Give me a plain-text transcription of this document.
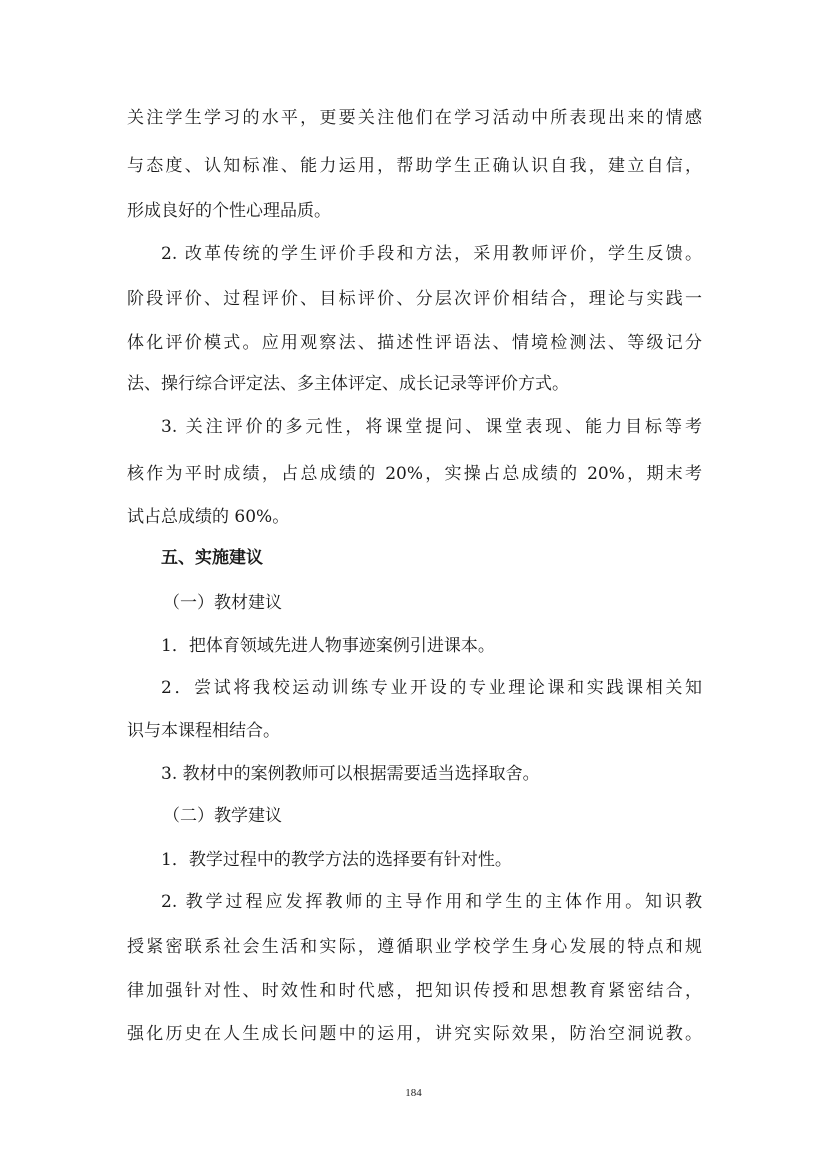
关注学生学习的水平，更要关注他们在学习活动中所表现出来的情感
与态度、认知标准、能力运用，帮助学生正确认识自我，建立自信，
形成良好的个性心理品质。
2. 改革传统的学生评价手段和方法，采用教师评价，学生反馈。
阶段评价、过程评价、目标评价、分层次评价相结合，理论与实践一
体化评价模式。应用观察法、描述性评语法、情境检测法、等级记分
法、操行综合评定法、多主体评定、成长记录等评价方式。
3. 关注评价的多元性，将课堂提问、课堂表现、能力目标等考
核作为平时成绩，占总成绩的 20%，实操占总成绩的 20%，期末考
试占总成绩的 60%。
五、实施建议
（一）教材建议
1．把体育领域先进人物事迹案例引进课本。
2．尝试将我校运动训练专业开设的专业理论课和实践课相关知
识与本课程相结合。
3. 教材中的案例教师可以根据需要适当选择取舍。
（二）教学建议
1．教学过程中的教学方法的选择要有针对性。
2. 教学过程应发挥教师的主导作用和学生的主体作用。知识教
授紧密联系社会生活和实际，遵循职业学校学生身心发展的特点和规
律加强针对性、时效性和时代感，把知识传授和思想教育紧密结合，
强化历史在人生成长问题中的运用，讲究实际效果，防治空洞说教。
184
